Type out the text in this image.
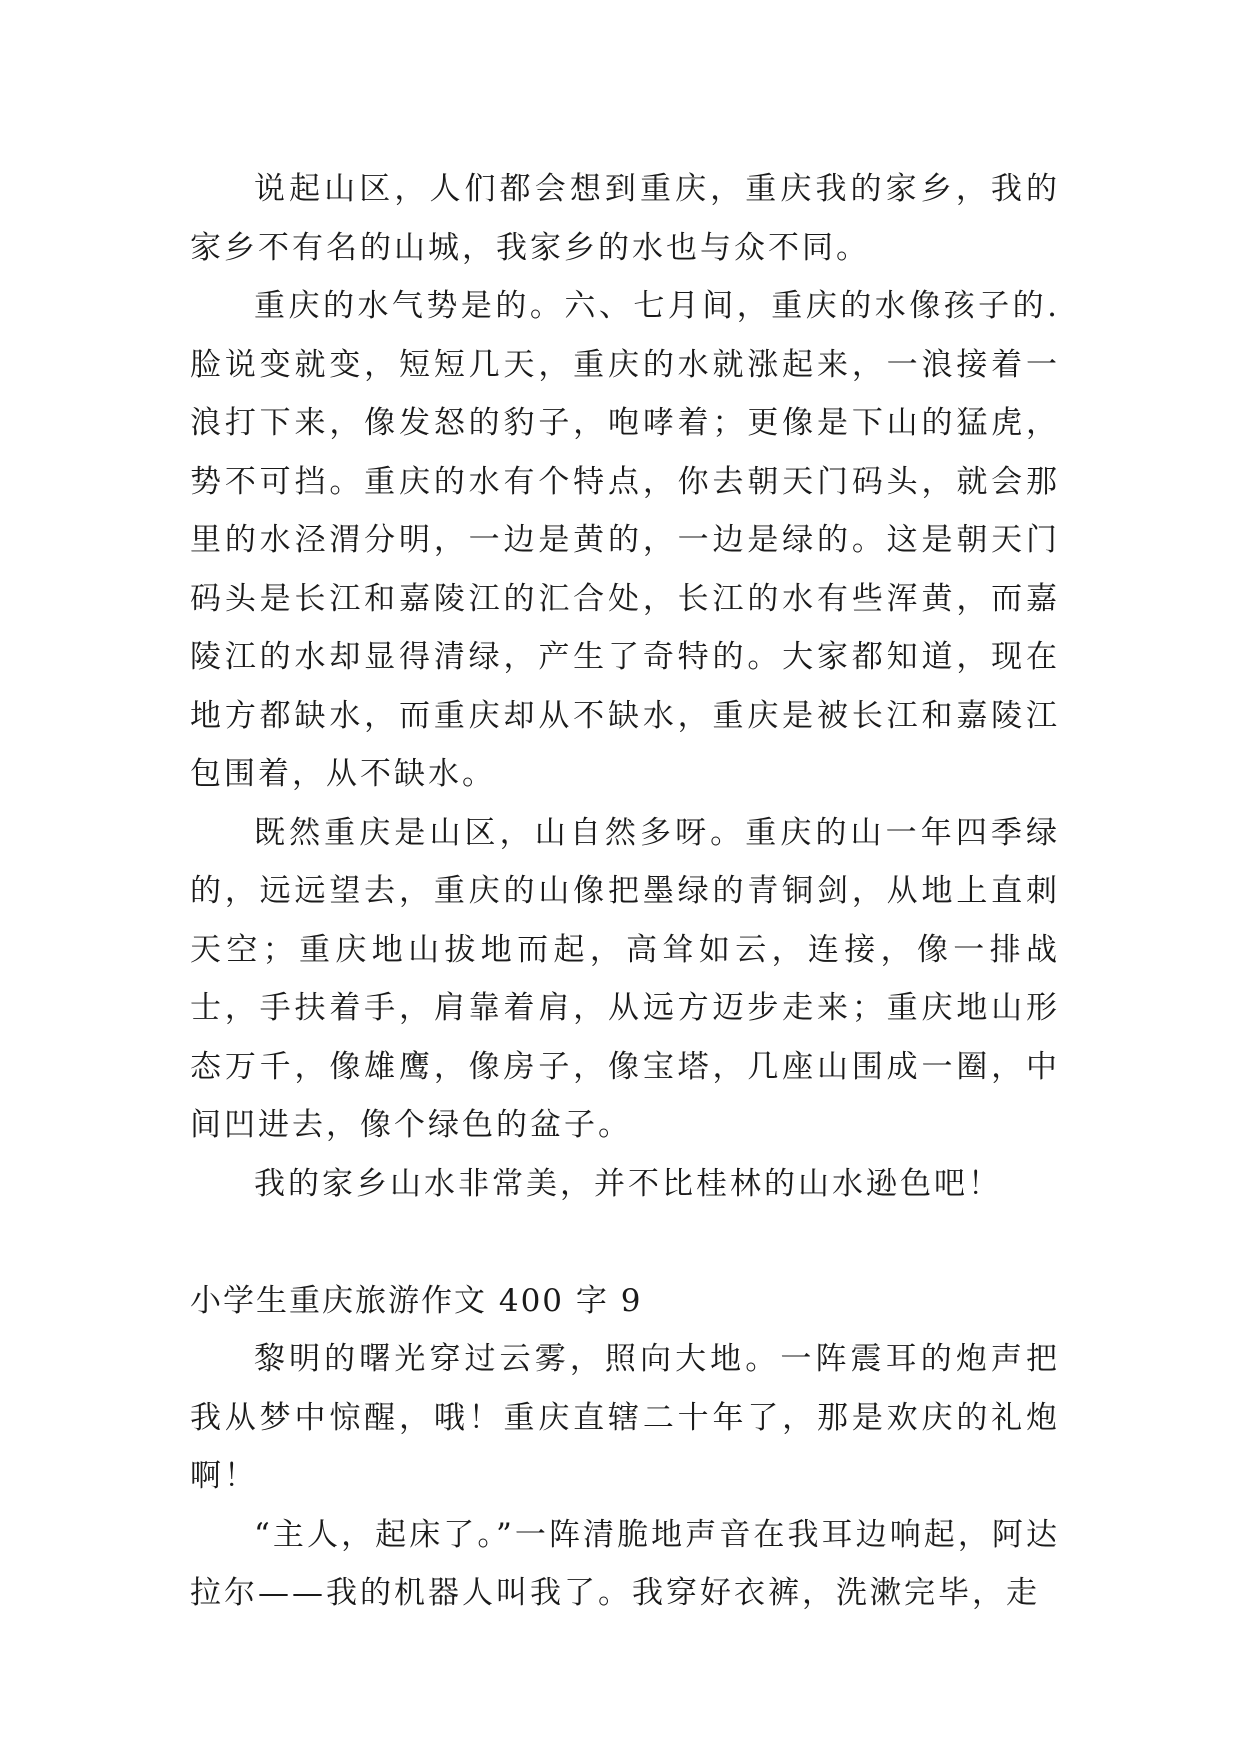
说起山区，人们都会想到重庆，重庆我的家乡，我的家乡不有名的山城，我家乡的水也与众不同。

重庆的水气势是的。六、七月间，重庆的水像孩子的.脸说变就变，短短几天，重庆的水就涨起来，一浪接着一浪打下来，像发怒的豹子，咆哮着；更像是下山的猛虎，势不可挡。重庆的水有个特点，你去朝天门码头，就会那里的水泾渭分明，一边是黄的，一边是绿的。这是朝天门码头是长江和嘉陵江的汇合处，长江的水有些浑黄，而嘉陵江的水却显得清绿，产生了奇特的。大家都知道，现在地方都缺水，而重庆却从不缺水，重庆是被长江和嘉陵江包围着，从不缺水。

既然重庆是山区，山自然多呀。重庆的山一年四季绿的，远远望去，重庆的山像把墨绿的青铜剑，从地上直刺天空；重庆地山拔地而起，高耸如云，连接，像一排战士，手扶着手，肩靠着肩，从远方迈步走来；重庆地山形态万千，像雄鹰，像房子，像宝塔，几座山围成一圈，中间凹进去，像个绿色的盆子。

我的家乡山水非常美，并不比桂林的山水逊色吧！

小学生重庆旅游作文 400 字 9

黎明的曙光穿过云雾，照向大地。一阵震耳的炮声把我从梦中惊醒，哦！重庆直辖二十年了，那是欢庆的礼炮啊！

“主人，起床了。”一阵清脆地声音在我耳边响起，阿达拉尔——我的机器人叫我了。我穿好衣裤，洗漱完毕，走
